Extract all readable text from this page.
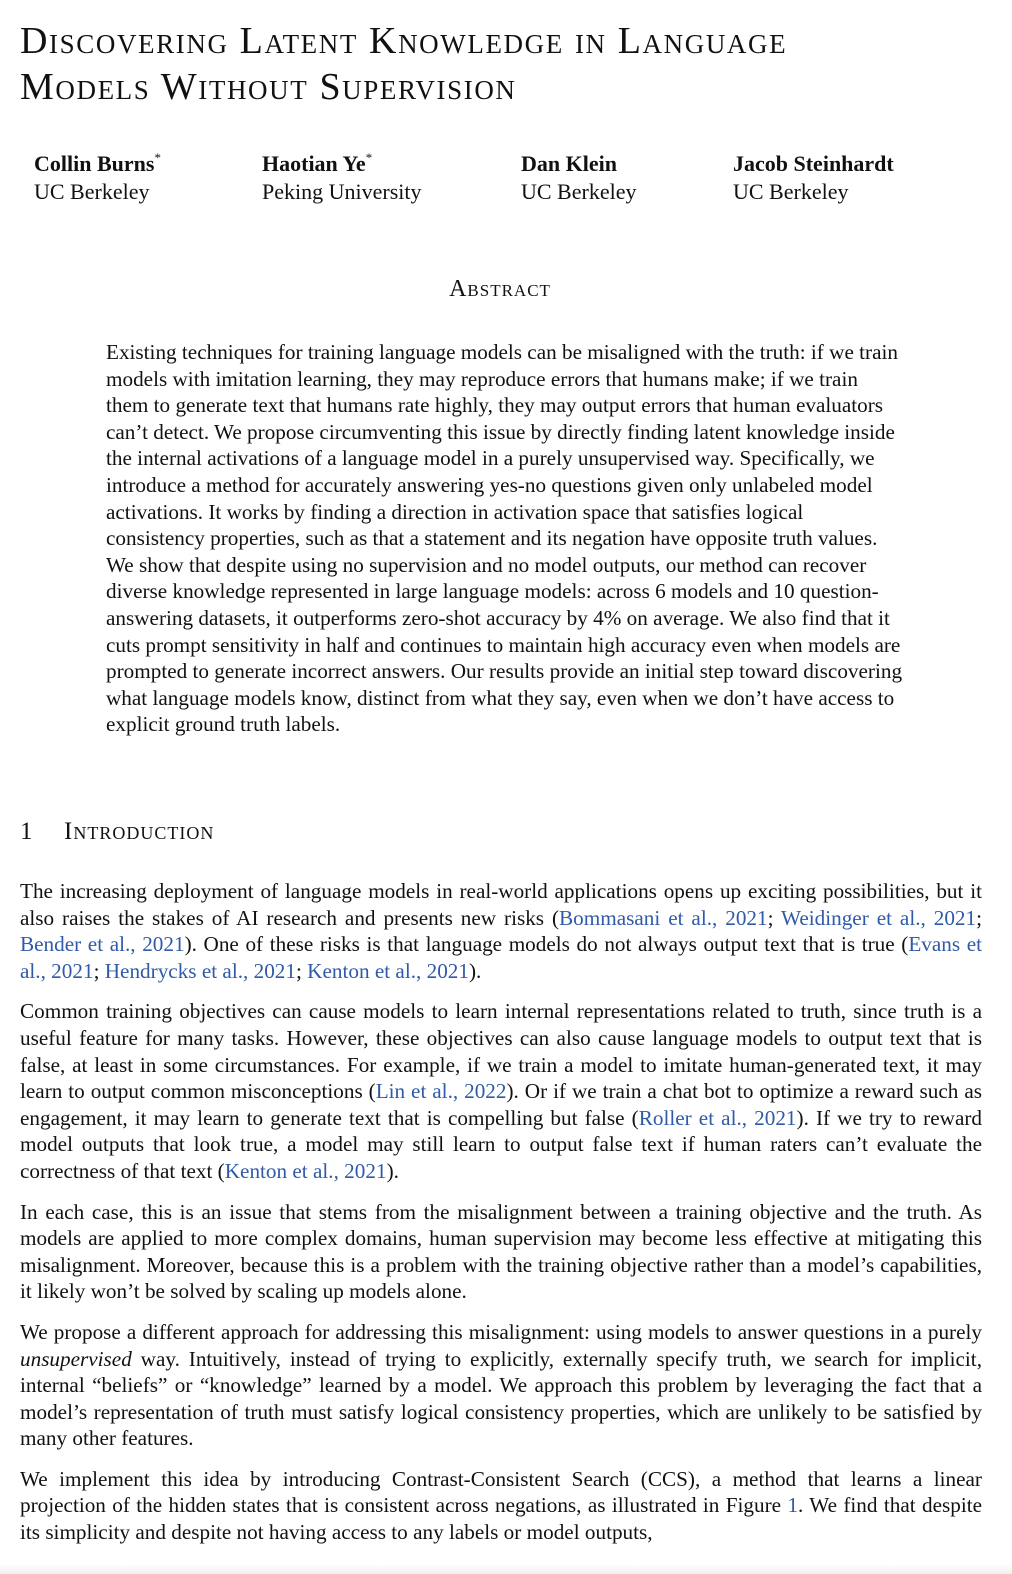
Discovering Latent Knowledge in Language
Models Without Supervision
Collin Burns*
UC Berkeley
Haotian Ye*
Peking University
Dan Klein
UC Berkeley
Jacob Steinhardt
UC Berkeley
Abstract

Existing techniques for training language models can be misaligned with the truth: if we train models with imitation learning, they may reproduce errors that humans make; if we train them to generate text that humans rate highly, they may output errors that human evaluators can’t detect. We propose circumventing this issue by directly finding latent knowledge inside the internal activations of a language model in a purely unsupervised way. Specifically, we introduce a method for accurately answering yes-no questions given only unlabeled model activations. It works by finding a direction in activation space that satisfies logical consistency properties, such as that a statement and its negation have opposite truth values. We show that despite using no supervision and no model outputs, our method can recover diverse knowledge represented in large language models: across 6 models and 10 question-answering datasets, it outperforms zero-shot accuracy by 4% on average. We also find that it cuts prompt sensitivity in half and continues to maintain high accuracy even when models are prompted to generate incorrect answers. Our results provide an initial step toward discovering what language models know, distinct from what they say, even when we don’t have access to explicit ground truth labels.

1 Introduction

The increasing deployment of language models in real-world applications opens up exciting possibilities, but it also raises the stakes of AI research and presents new risks (Bommasani et al., 2021; Weidinger et al., 2021; Bender et al., 2021). One of these risks is that language models do not always output text that is true (Evans et al., 2021; Hendrycks et al., 2021; Kenton et al., 2021).

Common training objectives can cause models to learn internal representations related to truth, since truth is a useful feature for many tasks. However, these objectives can also cause language models to output text that is false, at least in some circumstances. For example, if we train a model to imitate human-generated text, it may learn to output common misconceptions (Lin et al., 2022). Or if we train a chat bot to optimize a reward such as engagement, it may learn to generate text that is compelling but false (Roller et al., 2021). If we try to reward model outputs that look true, a model may still learn to output false text if human raters can’t evaluate the correctness of that text (Kenton et al., 2021).

In each case, this is an issue that stems from the misalignment between a training objective and the truth. As models are applied to more complex domains, human supervision may become less effective at mitigating this misalignment. Moreover, because this is a problem with the training objective rather than a model’s capabilities, it likely won’t be solved by scaling up models alone.

We propose a different approach for addressing this misalignment: using models to answer questions in a purely unsupervised way. Intuitively, instead of trying to explicitly, externally specify truth, we search for implicit, internal “beliefs” or “knowledge” learned by a model. We approach this problem by leveraging the fact that a model’s representation of truth must satisfy logical consistency properties, which are unlikely to be satisfied by many other features.

We implement this idea by introducing Contrast-Consistent Search (CCS), a method that learns a linear projection of the hidden states that is consistent across negations, as illustrated in Figure 1. We find that despite its simplicity and despite not having access to any labels or model outputs,
